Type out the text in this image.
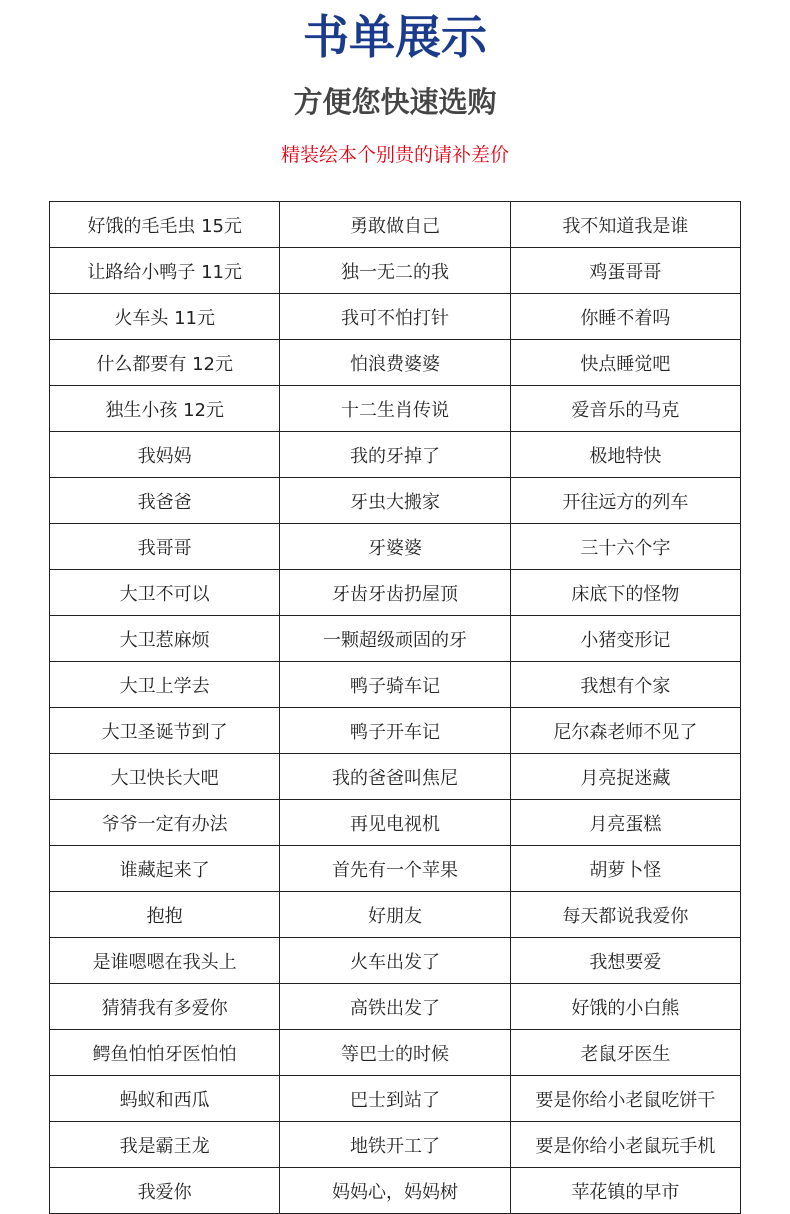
书单展示
方便您快速选购

精装绘本个别贵的请补差价

好饿的毛毛虫 15元	勇敢做自己	我不知道我是谁
让路给小鸭子 11元	独一无二的我	鸡蛋哥哥
火车头 11元	我可不怕打针	你睡不着吗
什么都要有 12元	怕浪费婆婆	快点睡觉吧
独生小孩 12元	十二生肖传说	爱音乐的马克
我妈妈	我的牙掉了	极地特快
我爸爸	牙虫大搬家	开往远方的列车
我哥哥	牙婆婆	三十六个字
大卫不可以	牙齿牙齿扔屋顶	床底下的怪物
大卫惹麻烦	一颗超级顽固的牙	小猪变形记
大卫上学去	鸭子骑车记	我想有个家
大卫圣诞节到了	鸭子开车记	尼尔森老师不见了
大卫快长大吧	我的爸爸叫焦尼	月亮捉迷藏
爷爷一定有办法	再见电视机	月亮蛋糕
谁藏起来了	首先有一个苹果	胡萝卜怪
抱抱	好朋友	每天都说我爱你
是谁嗯嗯在我头上	火车出发了	我想要爱
猜猜我有多爱你	高铁出发了	好饿的小白熊
鳄鱼怕怕牙医怕怕	等巴士的时候	老鼠牙医生
蚂蚁和西瓜	巴士到站了	要是你给小老鼠吃饼干
我是霸王龙	地铁开工了	要是你给小老鼠玩手机
我爱你	妈妈心，妈妈树	苹花镇的早市
